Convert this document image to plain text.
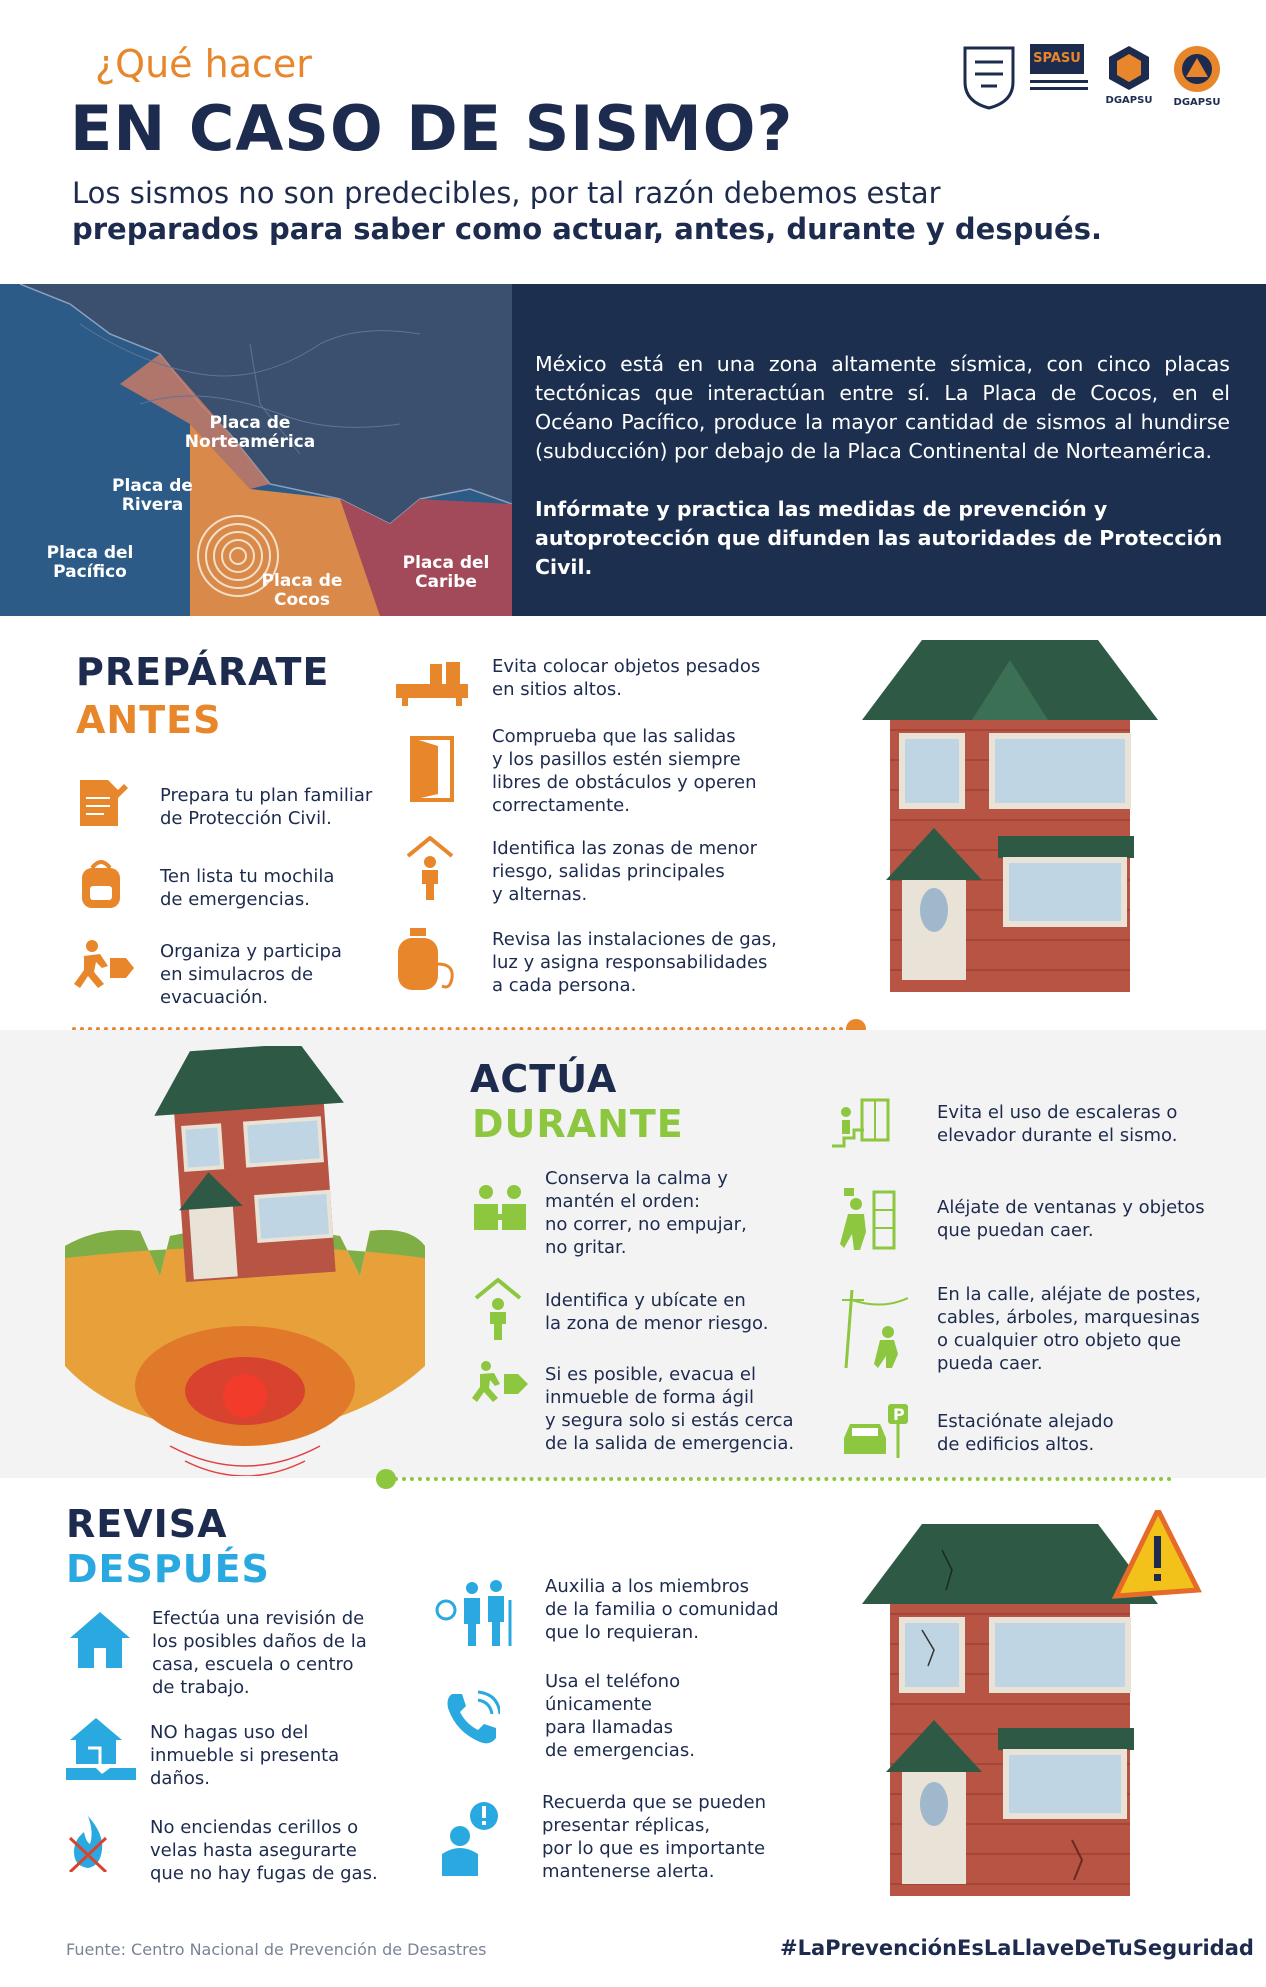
¿Qué hacer
EN CASO DE SISMO?
Los sismos no son predecibles, por tal razón debemos estar
preparados para saber como actuar, antes, durante y después.
SPASU
DGAPSU	DGAPSU
Placa de
Norteamérica
Placa de
Rivera
Placa del
Pacífico	Placa de
Cocos
Placa del
Caribe
México está en una zona altamente sísmica, con cinco placas tectónicas que interactúan entre sí. La Placa de Cocos, en el Océano Pacífico, produce la mayor cantidad de sismos al hundirse (subducción) por debajo de la Placa Continental de Norteamérica.
Infórmate y practica las medidas de prevención y autoprotección que difunden las autoridades de Protección Civil.
PREPÁRATE
ANTES
Prepara tu plan familiar
de Protección Civil.
Ten lista tu mochila
de emergencias.
Organiza y participa
en simulacros de
evacuación.
Evita colocar objetos pesados
en sitios altos.
Comprueba que las salidas
y los pasillos estén siempre
libres de obstáculos y operen
correctamente.
Identifica las zonas de menor
riesgo, salidas principales
y alternas.
Revisa las instalaciones de gas,
luz y asigna responsabilidades
a cada persona.
ACTÚA
DURANTE
Conserva la calma y
mantén el orden:
no correr, no empujar,
no gritar.
Identifica y ubícate en
la zona de menor riesgo.
Si es posible, evacua el
inmueble de forma ágil
y segura solo si estás cerca
de la salida de emergencia.
Evita el uso de escaleras o
elevador durante el sismo.
Aléjate de ventanas y objetos
que puedan caer.
En la calle, aléjate de postes,
cables, árboles, marquesinas
o cualquier otro objeto que
pueda caer.
P Estaciónate alejado
de edificios altos.
REVISA
DESPUÉS
Efectúa una revisión de
los posibles daños de la
casa, escuela o centro
de trabajo.
NO hagas uso del
inmueble si presenta
daños.
No enciendas cerillos o
velas hasta asegurarte
que no hay fugas de gas.
Auxilia a los miembros
de la familia o comunidad
que lo requieran.
Usa el teléfono
únicamente
para llamadas
de emergencias.
Recuerda que se pueden
presentar réplicas,
por lo que es importante
mantenerse alerta.
Fuente: Centro Nacional de Prevención de Desastres	#LaPrevenciónEsLaLlaveDeTuSeguridad
